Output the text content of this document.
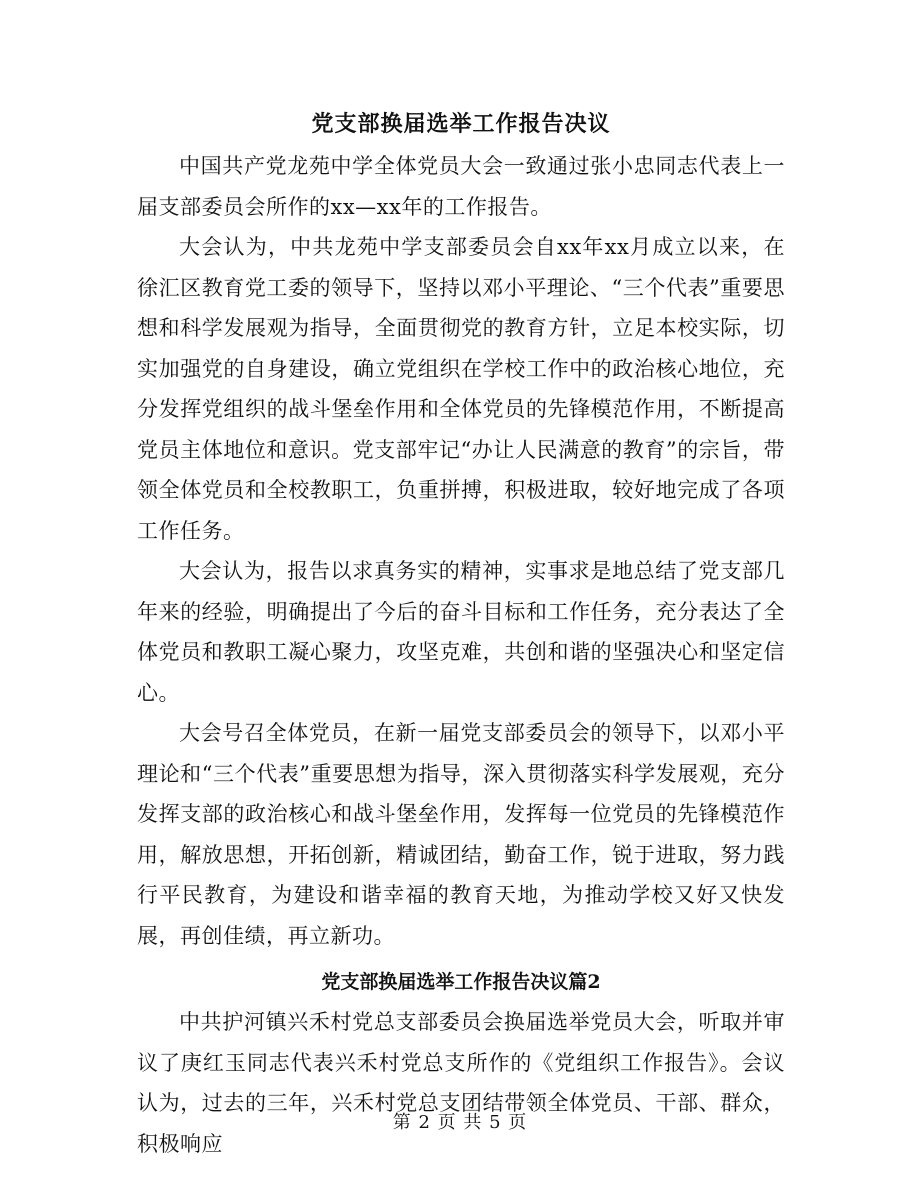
党支部换届选举工作报告决议

中国共产党龙苑中学全体党员大会一致通过张小忠同志代表上一届支部委员会所作的xx—xx年的工作报告。

大会认为，中共龙苑中学支部委员会自xx年xx月成立以来，在徐汇区教育党工委的领导下，坚持以邓小平理论、“三个代表”重要思想和科学发展观为指导，全面贯彻党的教育方针，立足本校实际，切实加强党的自身建设，确立党组织在学校工作中的政治核心地位，充分发挥党组织的战斗堡垒作用和全体党员的先锋模范作用，不断提高党员主体地位和意识。党支部牢记“办让人民满意的教育”的宗旨，带领全体党员和全校教职工，负重拼搏，积极进取，较好地完成了各项工作任务。

大会认为，报告以求真务实的精神，实事求是地总结了党支部几年来的经验，明确提出了今后的奋斗目标和工作任务，充分表达了全体党员和教职工凝心聚力，攻坚克难，共创和谐的坚强决心和坚定信心。

大会号召全体党员，在新一届党支部委员会的领导下，以邓小平理论和“三个代表”重要思想为指导，深入贯彻落实科学发展观，充分发挥支部的政治核心和战斗堡垒作用，发挥每一位党员的先锋模范作用，解放思想，开拓创新，精诚团结，勤奋工作，锐于进取，努力践行平民教育，为建设和谐幸福的教育天地，为推动学校又好又快发展，再创佳绩，再立新功。

党支部换届选举工作报告决议篇2

中共护河镇兴禾村党总支部委员会换届选举党员大会，听取并审议了庚红玉同志代表兴禾村党总支所作的《党组织工作报告》。会议认为，过去的三年，兴禾村党总支团结带领全体党员、干部、群众，积极响应

第 2 页 共 5 页
